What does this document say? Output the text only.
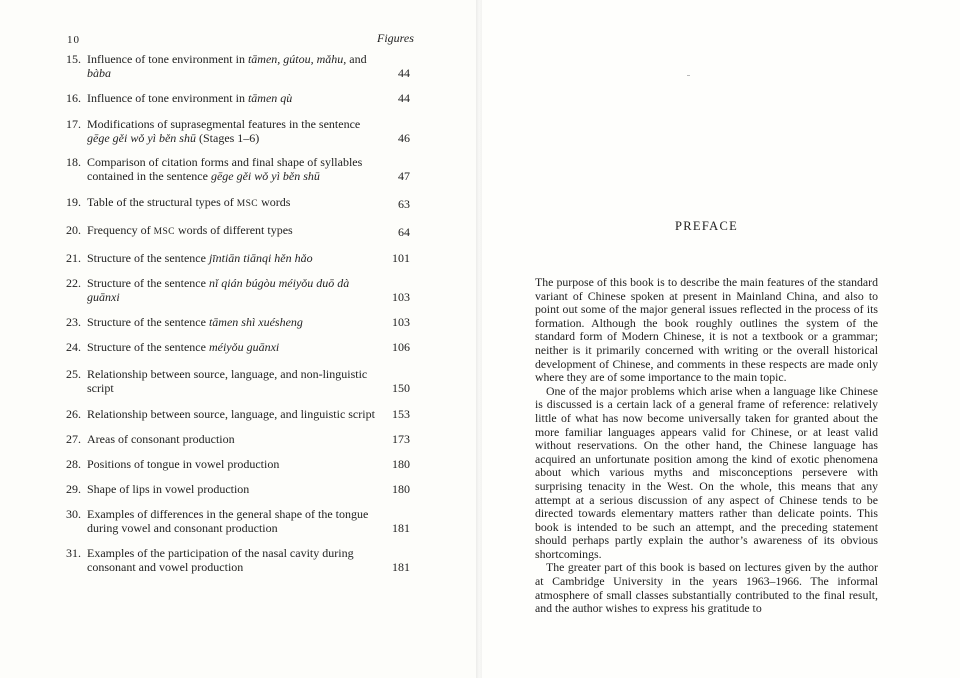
10	Figures
15. Influence of tone environment in tāmen, gútou, mǎhu, and bàba	44
16. Influence of tone environment in tāmen qù	44
17. Modifications of suprasegmental features in the sentence gēge gěi wǒ yì běn shū (Stages 1–6)	46
18. Comparison of citation forms and final shape of syllables contained in the sentence gēge gěi wǒ yì běn shū	47
19. Table of the structural types of MSC words	63
20. Frequency of MSC words of different types	64
21. Structure of the sentence jīntiān tiānqi hěn hǎo	101
22. Structure of the sentence nǐ qián búgòu méiyǒu duō dà guānxi	103
23. Structure of the sentence tāmen shì xuésheng	103
24. Structure of the sentence méiyǒu guānxi	106
25. Relationship between source, language, and non-linguistic script	150
26. Relationship between source, language, and linguistic script 153
27. Areas of consonant production	173
28. Positions of tongue in vowel production	180
29. Shape of lips in vowel production	180
30. Examples of differences in the general shape of the tongue during vowel and consonant production	181
31. Examples of the participation of the nasal cavity during consonant and vowel production	181
PREFACE

The purpose of this book is to describe the main features of the standard variant of Chinese spoken at present in Mainland China, and also to point out some of the major general issues reflected in the process of its formation. Although the book roughly outlines the system of the standard form of Modern Chinese, it is not a textbook or a grammar; neither is it primarily concerned with writing or the overall historical development of Chinese, and comments in these respects are made only where they are of some importance to the main topic.

One of the major problems which arise when a language like Chinese is discussed is a certain lack of a general frame of reference: relatively little of what has now become universally taken for granted about the more familiar languages appears valid for Chinese, or at least valid without reservations. On the other hand, the Chinese language has acquired an unfortunate position among the kind of exotic phenomena about which various myths and misconceptions persevere with surprising tenacity in the West. On the whole, this means that any attempt at a serious discussion of any aspect of Chinese tends to be directed towards elementary matters rather than delicate points. This book is intended to be such an attempt, and the preceding statement should perhaps partly explain the author’s awareness of its obvious shortcomings.

The greater part of this book is based on lectures given by the author at Cambridge University in the years 1963–1966. The informal atmosphere of small classes substantially contributed to the final result, and the author wishes to express his gratitude to
